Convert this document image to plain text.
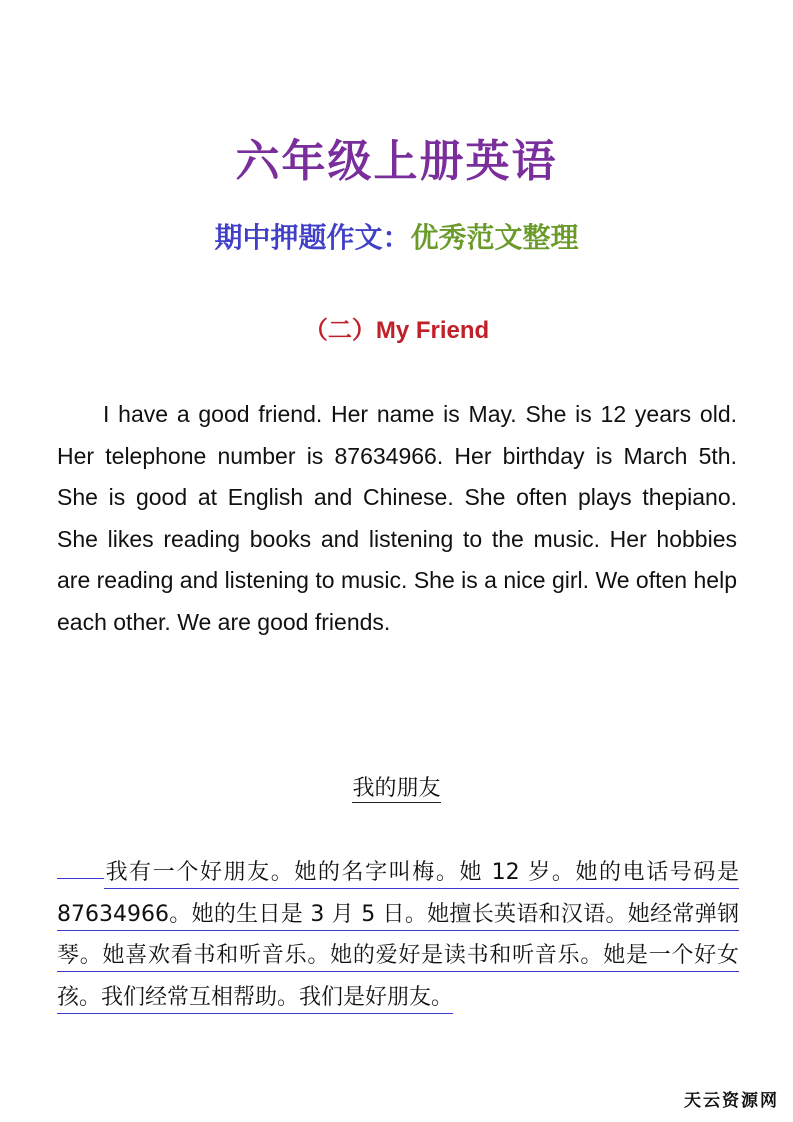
六年级上册英语
期中押题作文：优秀范文整理
（二）My Friend

I have a good friend. Her name is May. She is 12 years old. Her telephone number is 87634966. Her birthday is March 5th. She is good at English and Chinese. She often plays thepiano. She likes reading books and listening to the music. Her hobbies are reading and listening to music. She is a nice girl. We often help each other. We are good friends.

我的朋友

我有一个好朋友。她的名字叫梅。她 12 岁。她的电话号码是 87634966。她的生日是 3 月 5 日。她擅长英语和汉语。她经常弹钢琴。她喜欢看书和听音乐。她的爱好是读书和听音乐。她是一个好女孩。我们经常互相帮助。我们是好朋友。

天云资源网
